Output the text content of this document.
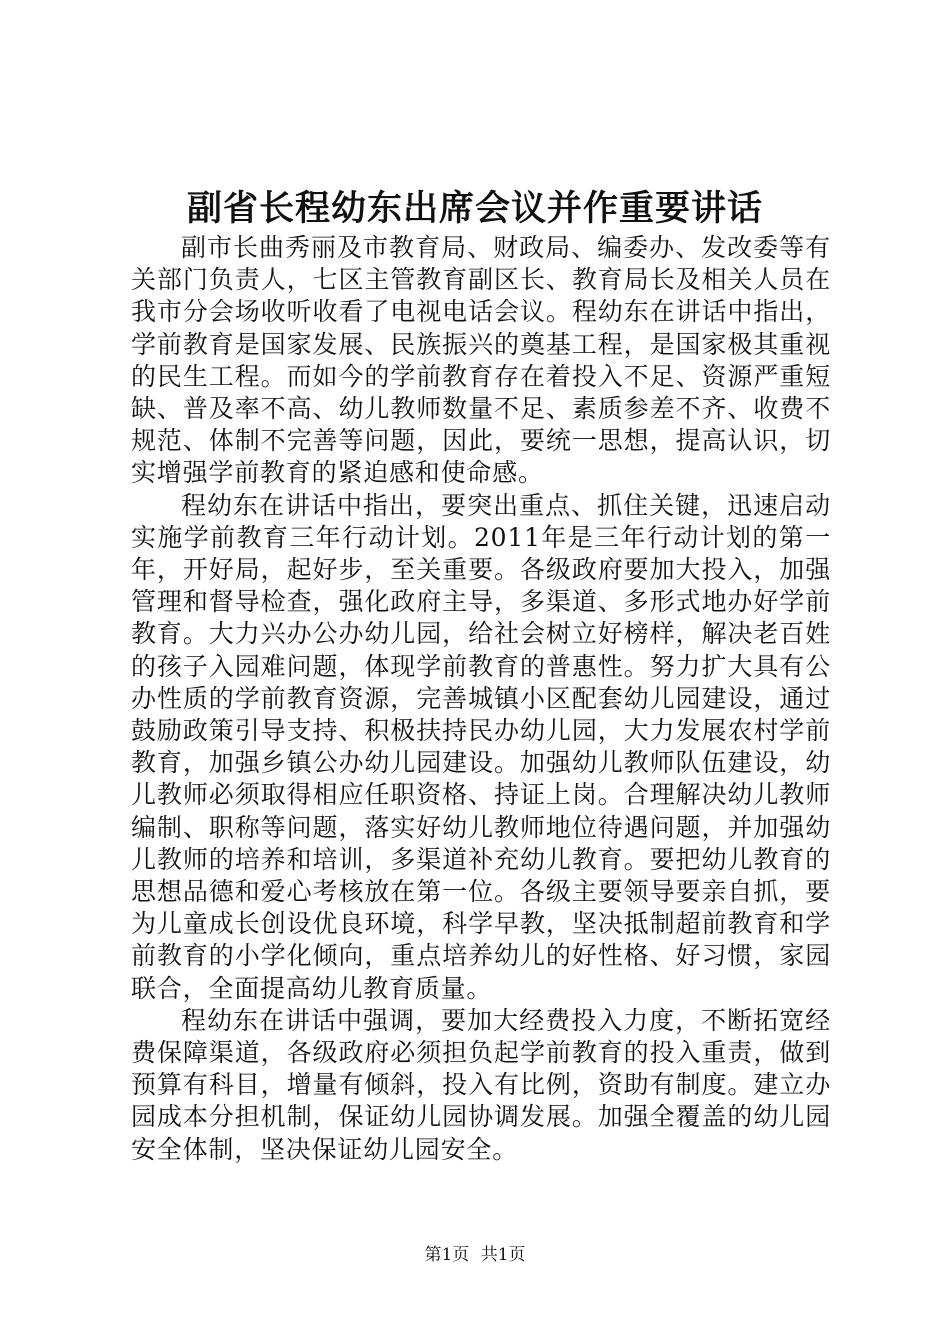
副省长程幼东出席会议并作重要讲话

副市长曲秀丽及市教育局、财政局、编委办、发改委等有关部门负责人，七区主管教育副区长、教育局长及相关人员在我市分会场收听收看了电视电话会议。程幼东在讲话中指出，学前教育是国家发展、民族振兴的奠基工程，是国家极其重视的民生工程。而如今的学前教育存在着投入不足、资源严重短缺、普及率不高、幼儿教师数量不足、素质参差不齐、收费不规范、体制不完善等问题，因此，要统一思想，提高认识，切实增强学前教育的紧迫感和使命感。

程幼东在讲话中指出，要突出重点、抓住关键，迅速启动实施学前教育三年行动计划。2011年是三年行动计划的第一年，开好局，起好步，至关重要。各级政府要加大投入，加强管理和督导检查，强化政府主导，多渠道、多形式地办好学前教育。大力兴办公办幼儿园，给社会树立好榜样，解决老百姓的孩子入园难问题，体现学前教育的普惠性。努力扩大具有公办性质的学前教育资源，完善城镇小区配套幼儿园建设，通过鼓励政策引导支持、积极扶持民办幼儿园，大力发展农村学前教育，加强乡镇公办幼儿园建设。加强幼儿教师队伍建设，幼儿教师必须取得相应任职资格、持证上岗。合理解决幼儿教师编制、职称等问题，落实好幼儿教师地位待遇问题，并加强幼儿教师的培养和培训，多渠道补充幼儿教育。要把幼儿教育的思想品德和爱心考核放在第一位。各级主要领导要亲自抓，要为儿童成长创设优良环境，科学早教，坚决抵制超前教育和学前教育的小学化倾向，重点培养幼儿的好性格、好习惯，家园联合，全面提高幼儿教育质量。

程幼东在讲话中强调，要加大经费投入力度，不断拓宽经费保障渠道，各级政府必须担负起学前教育的投入重责，做到预算有科目，增量有倾斜，投入有比例，资助有制度。建立办园成本分担机制，保证幼儿园协调发展。加强全覆盖的幼儿园安全体制，坚决保证幼儿园安全。

第1页 共1页
